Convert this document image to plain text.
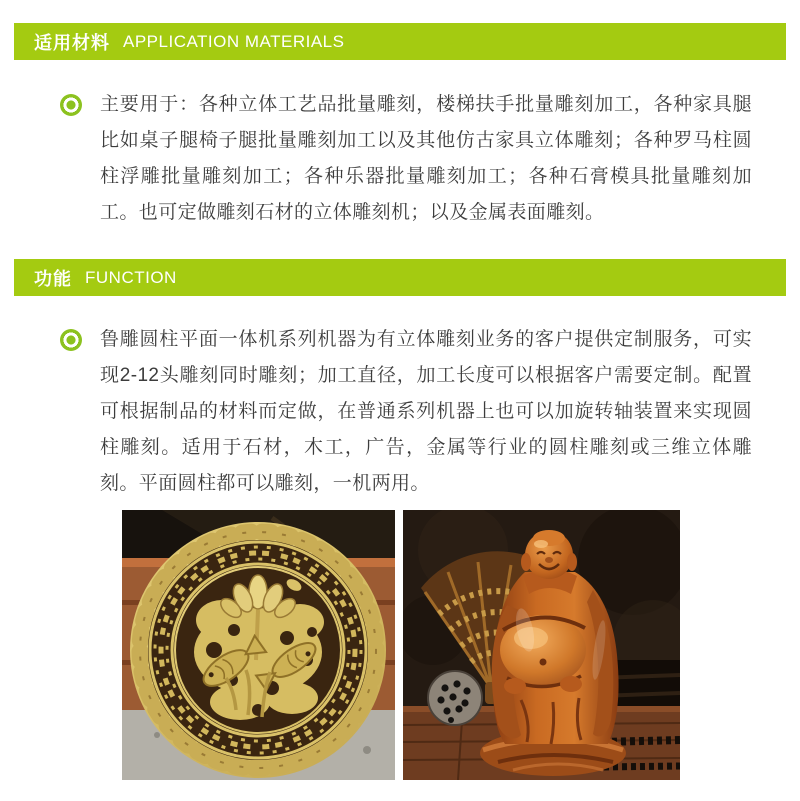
适用材料 APPLICATION MATERIALS

主要用于：各种立体工艺品批量雕刻，楼梯扶手批量雕刻加工，各种家具腿比如桌子腿椅子腿批量雕刻加工以及其他仿古家具立体雕刻；各种罗马柱圆柱浮雕批量雕刻加工；各种乐器批量雕刻加工；各种石膏模具批量雕刻加工。也可定做雕刻石材的立体雕刻机；以及金属表面雕刻。

功能 FUNCTION

鲁雕圆柱平面一体机系列机器为有立体雕刻业务的客户提供定制服务，可实现2-12头雕刻同时雕刻；加工直径，加工长度可以根据客户需要定制。配置可根据制品的材料而定做，在普通系列机器上也可以加旋转轴装置来实现圆柱雕刻。适用于石材，木工，广告，金属等行业的圆柱雕刻或三维立体雕刻。平面圆柱都可以雕刻，一机两用。
